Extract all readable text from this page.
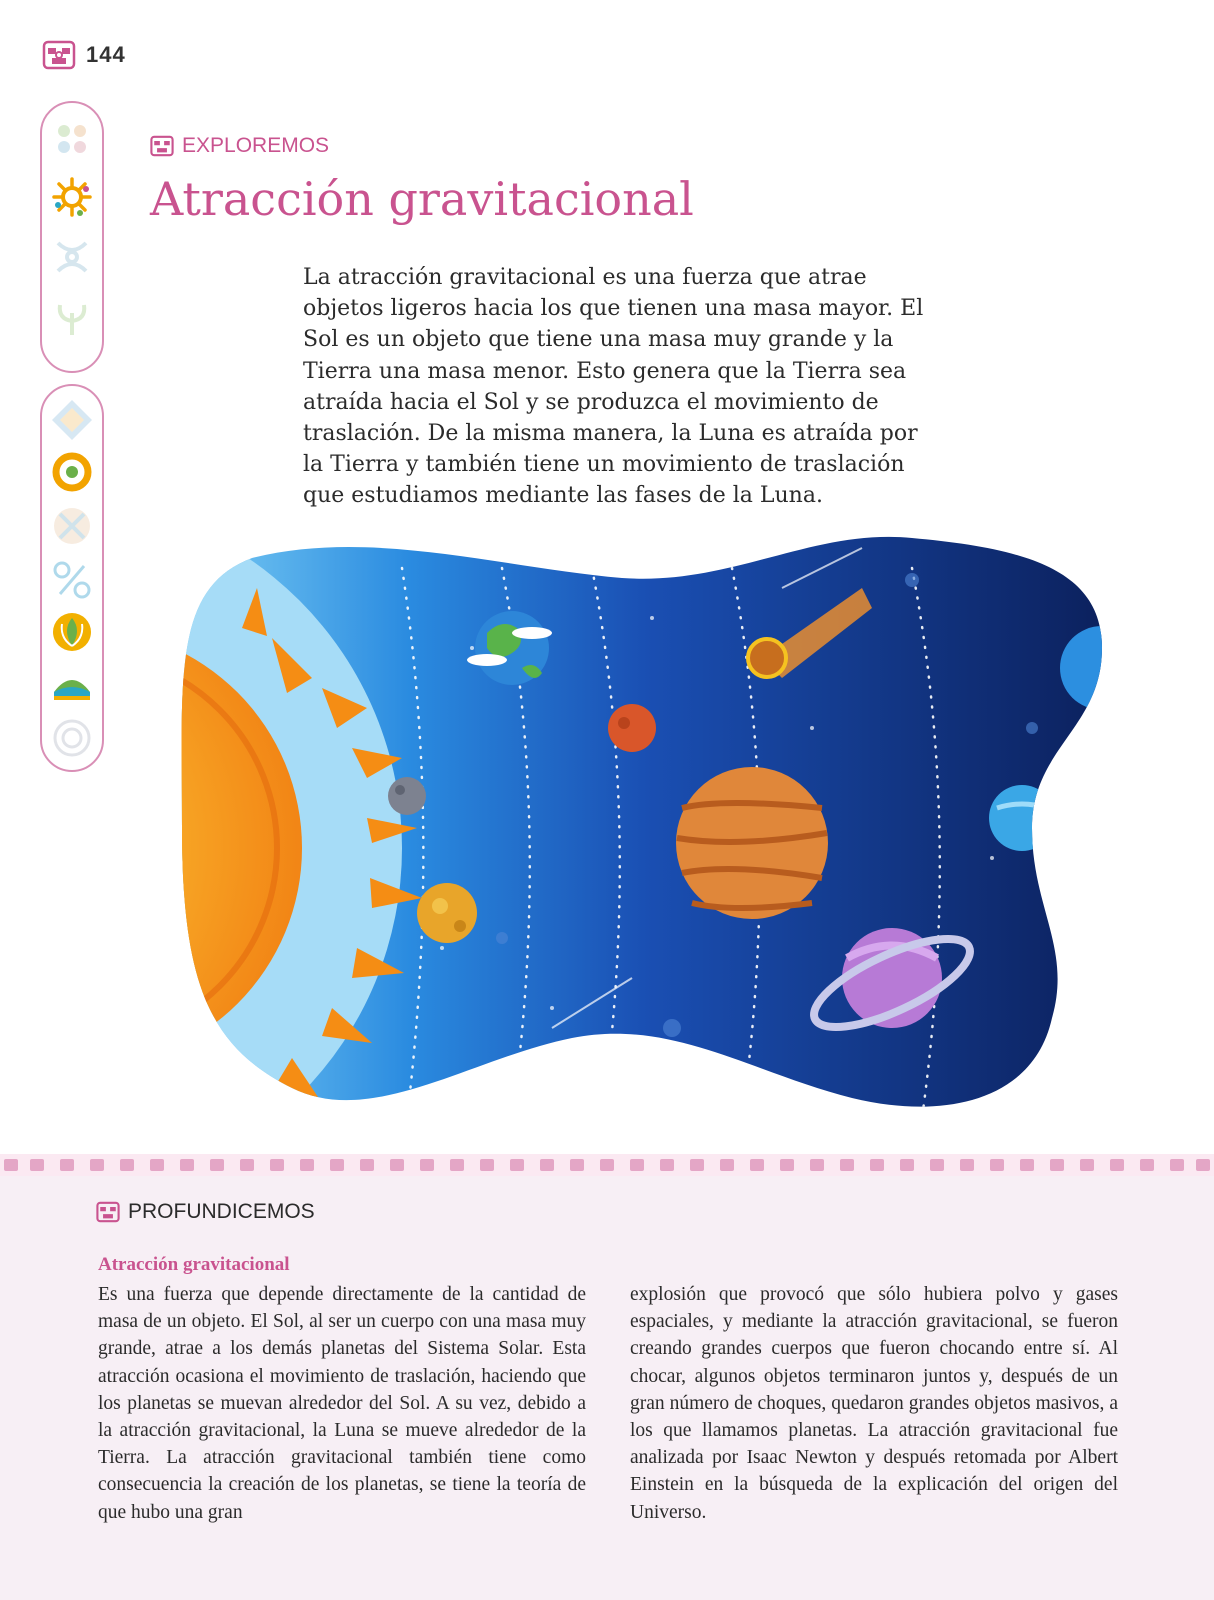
144
EXPLOREMOS
Atracción gravitacional

La atracción gravitacional es una fuerza que atrae objetos ligeros hacia los que tienen una masa mayor. El Sol es un objeto que tiene una masa muy grande y la Tierra una masa menor. Esto genera que la Tierra sea atraída hacia el Sol y se produzca el movimiento de traslación. De la misma manera, la Luna es atraída por la Tierra y también tiene un movimiento de traslación que estudiamos mediante las fases de la Luna.

PROFUNDICEMOS
Atracción gravitacional

Es una fuerza que depende directamente de la cantidad de masa de un objeto. El Sol, al ser un cuerpo con una masa muy grande, atrae a los demás planetas del Sistema Solar. Esta atracción ocasiona el movimiento de traslación, haciendo que los planetas se muevan alrededor del Sol. A su vez, debido a la atracción gravitacional, la Luna se mueve alrededor de la Tierra. La atracción gravitacional también tiene como consecuencia la creación de los planetas, se tiene la teoría de que hubo una gran

explosión que provocó que sólo hubiera polvo y gases espaciales, y mediante la atracción gravitacional, se fueron creando grandes cuerpos que fueron chocando entre sí. Al chocar, algunos objetos terminaron juntos y, después de un gran número de choques, quedaron grandes objetos masivos, a los que llamamos planetas. La atracción gravitacional fue analizada por Isaac Newton y después retomada por Albert Einstein en la búsqueda de la explicación del origen del Universo.
